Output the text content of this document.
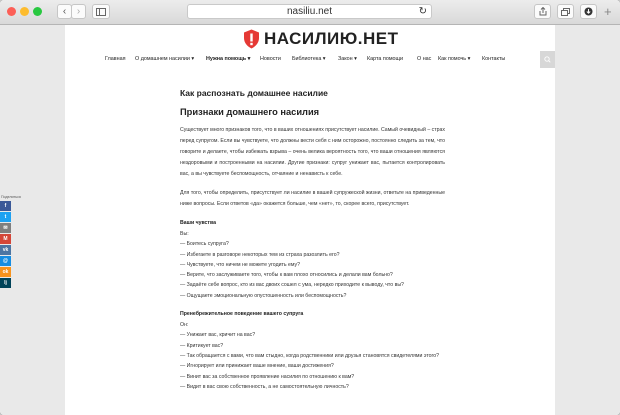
‹	›	nasiliu.net	↻	+
Поделиться
f
t
✉
M
vk
@
ok
lj
НАСИЛИЮ.НЕТ
Главная О домашнем насилии ▾ Нужна помощь ▾ Новости Библиотека ▾ Закон ▾ Карта помощи	О нас Как помочь ▾ Контакты
Как распознать домашнее насилие
Признаки домашнего насилия

Существует много признаков того, что в ваших отношениях присутствует насилие. Самый очевидный – страх перед супругом. Если вы чувствуете, что должны вести себя с ним осторожно, постоянно следить за тем, что говорите и делаете, чтобы избежать взрыва – очень велика вероятность того, что ваши отношения являются нездоровыми и построенными на насилии. Другие признаки: супруг унижает вас, пытается контролировать вас, а вы чувствуете беспомощность, отчаяние и ненависть к себе.

Для того, чтобы определить, присутствует ли насилие в вашей супружеской жизни, ответьте на приведенные ниже вопросы. Если ответов «да» окажется больше, чем «нет», то, скорее всего, присутствует.

Ваши чувства
Вы:
— Боитесь супруга?
— Избегаете в разговоре некоторых тем из страха разозлить его?
— Чувствуете, что ничем не можете угодить ему?
— Верите, что заслуживаете того, чтобы к вам плохо относились и делали вам больно?
— Задаёте себе вопрос, кто из вас двоих сошел с ума, нередко приходите к выводу, что вы?
— Ощущаете эмоциональную опустошенность или беспомощность?
Пренебрежительное поведение вашего супруга
Он:
— Унижает вас, кричит на вас?
— Критикует вас?
— Так обращается с вами, что вам стыдно, когда родственники или друзья становятся свидетелями этого?
— Игнорирует или принижает ваше мнение, ваши достижения?
— Винит вас за собственное проявление насилия по отношению к вам?
— Видит в вас свою собственность, а не самостоятельную личность?
